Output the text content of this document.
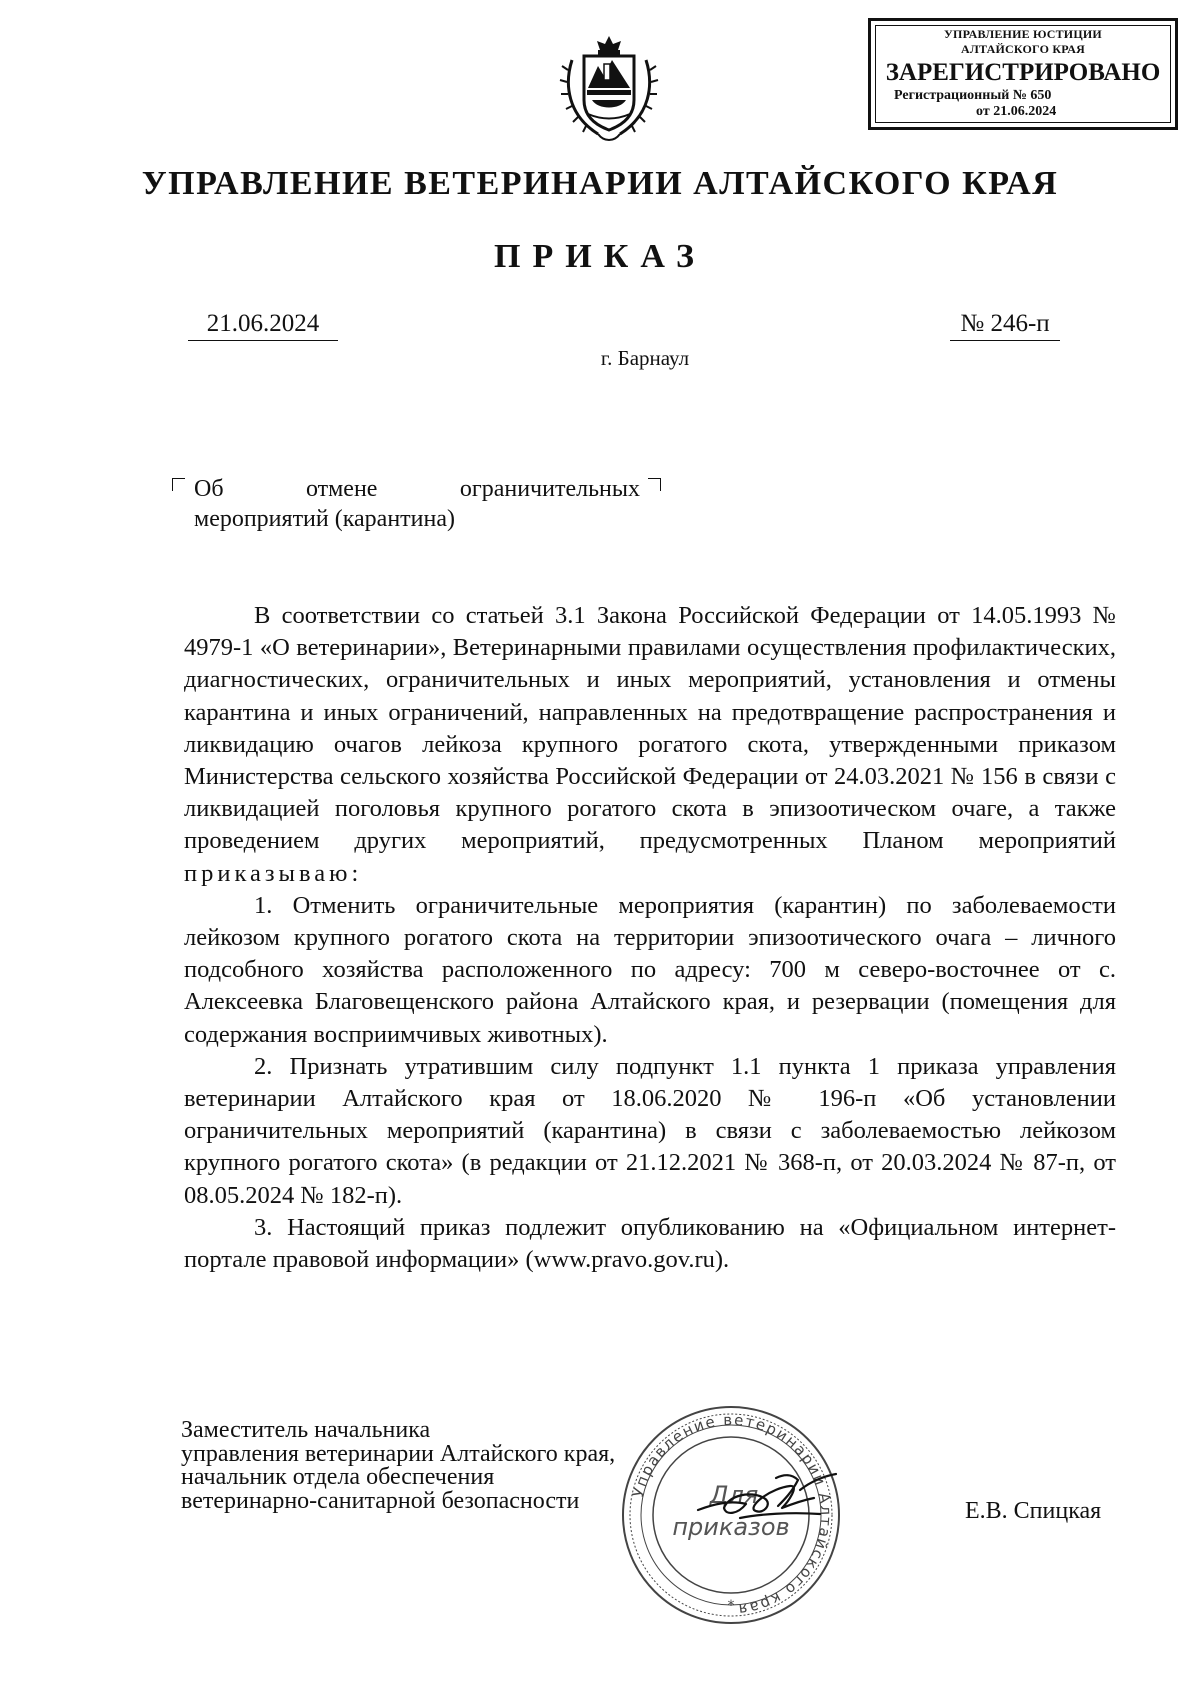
УПРАВЛЕНИЕ ЮСТИЦИИ
АЛТАЙСКОГО КРАЯ
ЗАРЕГИСТРИРОВАНО
Регистрационный № 650
от 21.06.2024
УПРАВЛЕНИЕ ВЕТЕРИНАРИИ АЛТАЙСКОГО КРАЯ
ПРИКАЗ
21.06.2024	№ 246-п
г. Барнаул
Об отмене ограничительных
мероприятий (карантина)

В соответствии со статьей 3.1 Закона Российской Федерации от 14.05.1993 № 4979-1 «О ветеринарии», Ветеринарными правилами осуществления профилактических, диагностических, ограничительных и иных мероприятий, установления и отмены карантина и иных ограничений, направленных на предотвращение распространения и ликвидацию очагов лейкоза крупного рогатого скота, утвержденными приказом Министерства сельского хозяйства Российской Федерации от 24.03.2021 № 156 в связи с ликвидацией поголовья крупного рогатого скота в эпизоотическом очаге, а также проведением других мероприятий, предусмотренных Планом мероприятий приказываю:

1. Отменить ограничительные мероприятия (карантин) по заболеваемости лейкозом крупного рогатого скота на территории эпизоотического очага – личного подсобного хозяйства расположенного по адресу: 700 м северо-восточнее от с. Алексеевка Благовещенского района Алтайского края, и резервации (помещения для содержания восприимчивых животных).

2. Признать утратившим силу подпункт 1.1 пункта 1 приказа управления ветеринарии Алтайского края от 18.06.2020 № 196-п «Об установлении ограничительных мероприятий (карантина) в связи с заболеваемостью лейкозом крупного рогатого скота» (в редакции от 21.12.2021 № 368-п, от 20.03.2024 № 87-п, от 08.05.2024 № 182-п).

3. Настоящий приказ подлежит опубликованию на «Официальном интернет-портале правовой информации» (www.pravo.gov.ru).

Заместитель начальника
управления ветеринарии Алтайского края,
начальник отдела обеспечения
ветеринарно-санитарной безопасности	Е.В. Спицкая
Управление ветеринарии Алтайского края
Для
приказов
*
